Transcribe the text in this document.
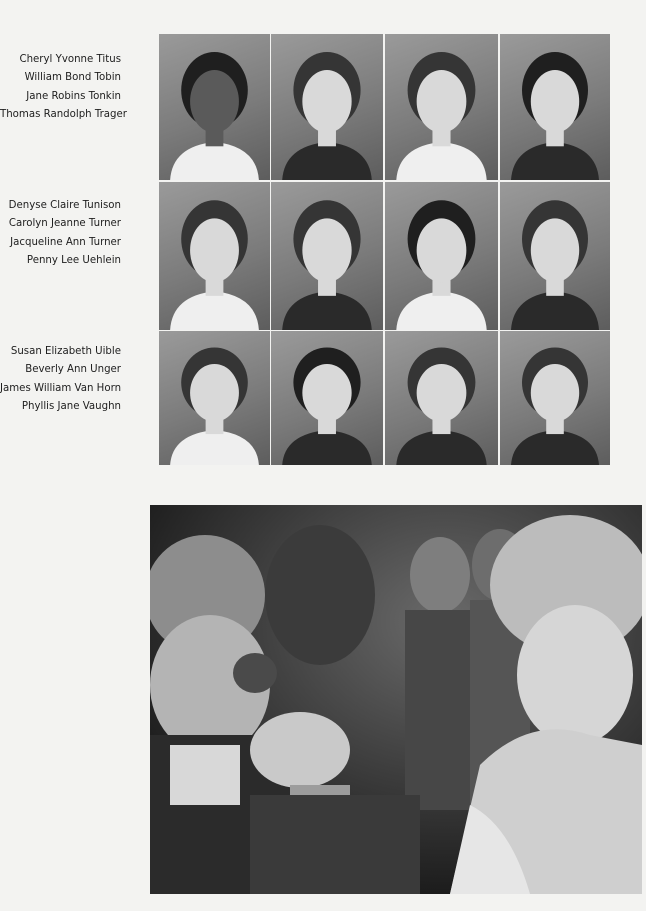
Cheryl Yvonne Titus
William Bond Tobin
Jane Robins Tonkin
Thomas Randolph Trager
Denyse Claire Tunison
Carolyn Jeanne Turner
Jacqueline Ann Turner
Penny Lee Uehlein
Susan Elizabeth Uible
Beverly Ann Unger
James William Van Horn
Phyllis Jane Vaughn
